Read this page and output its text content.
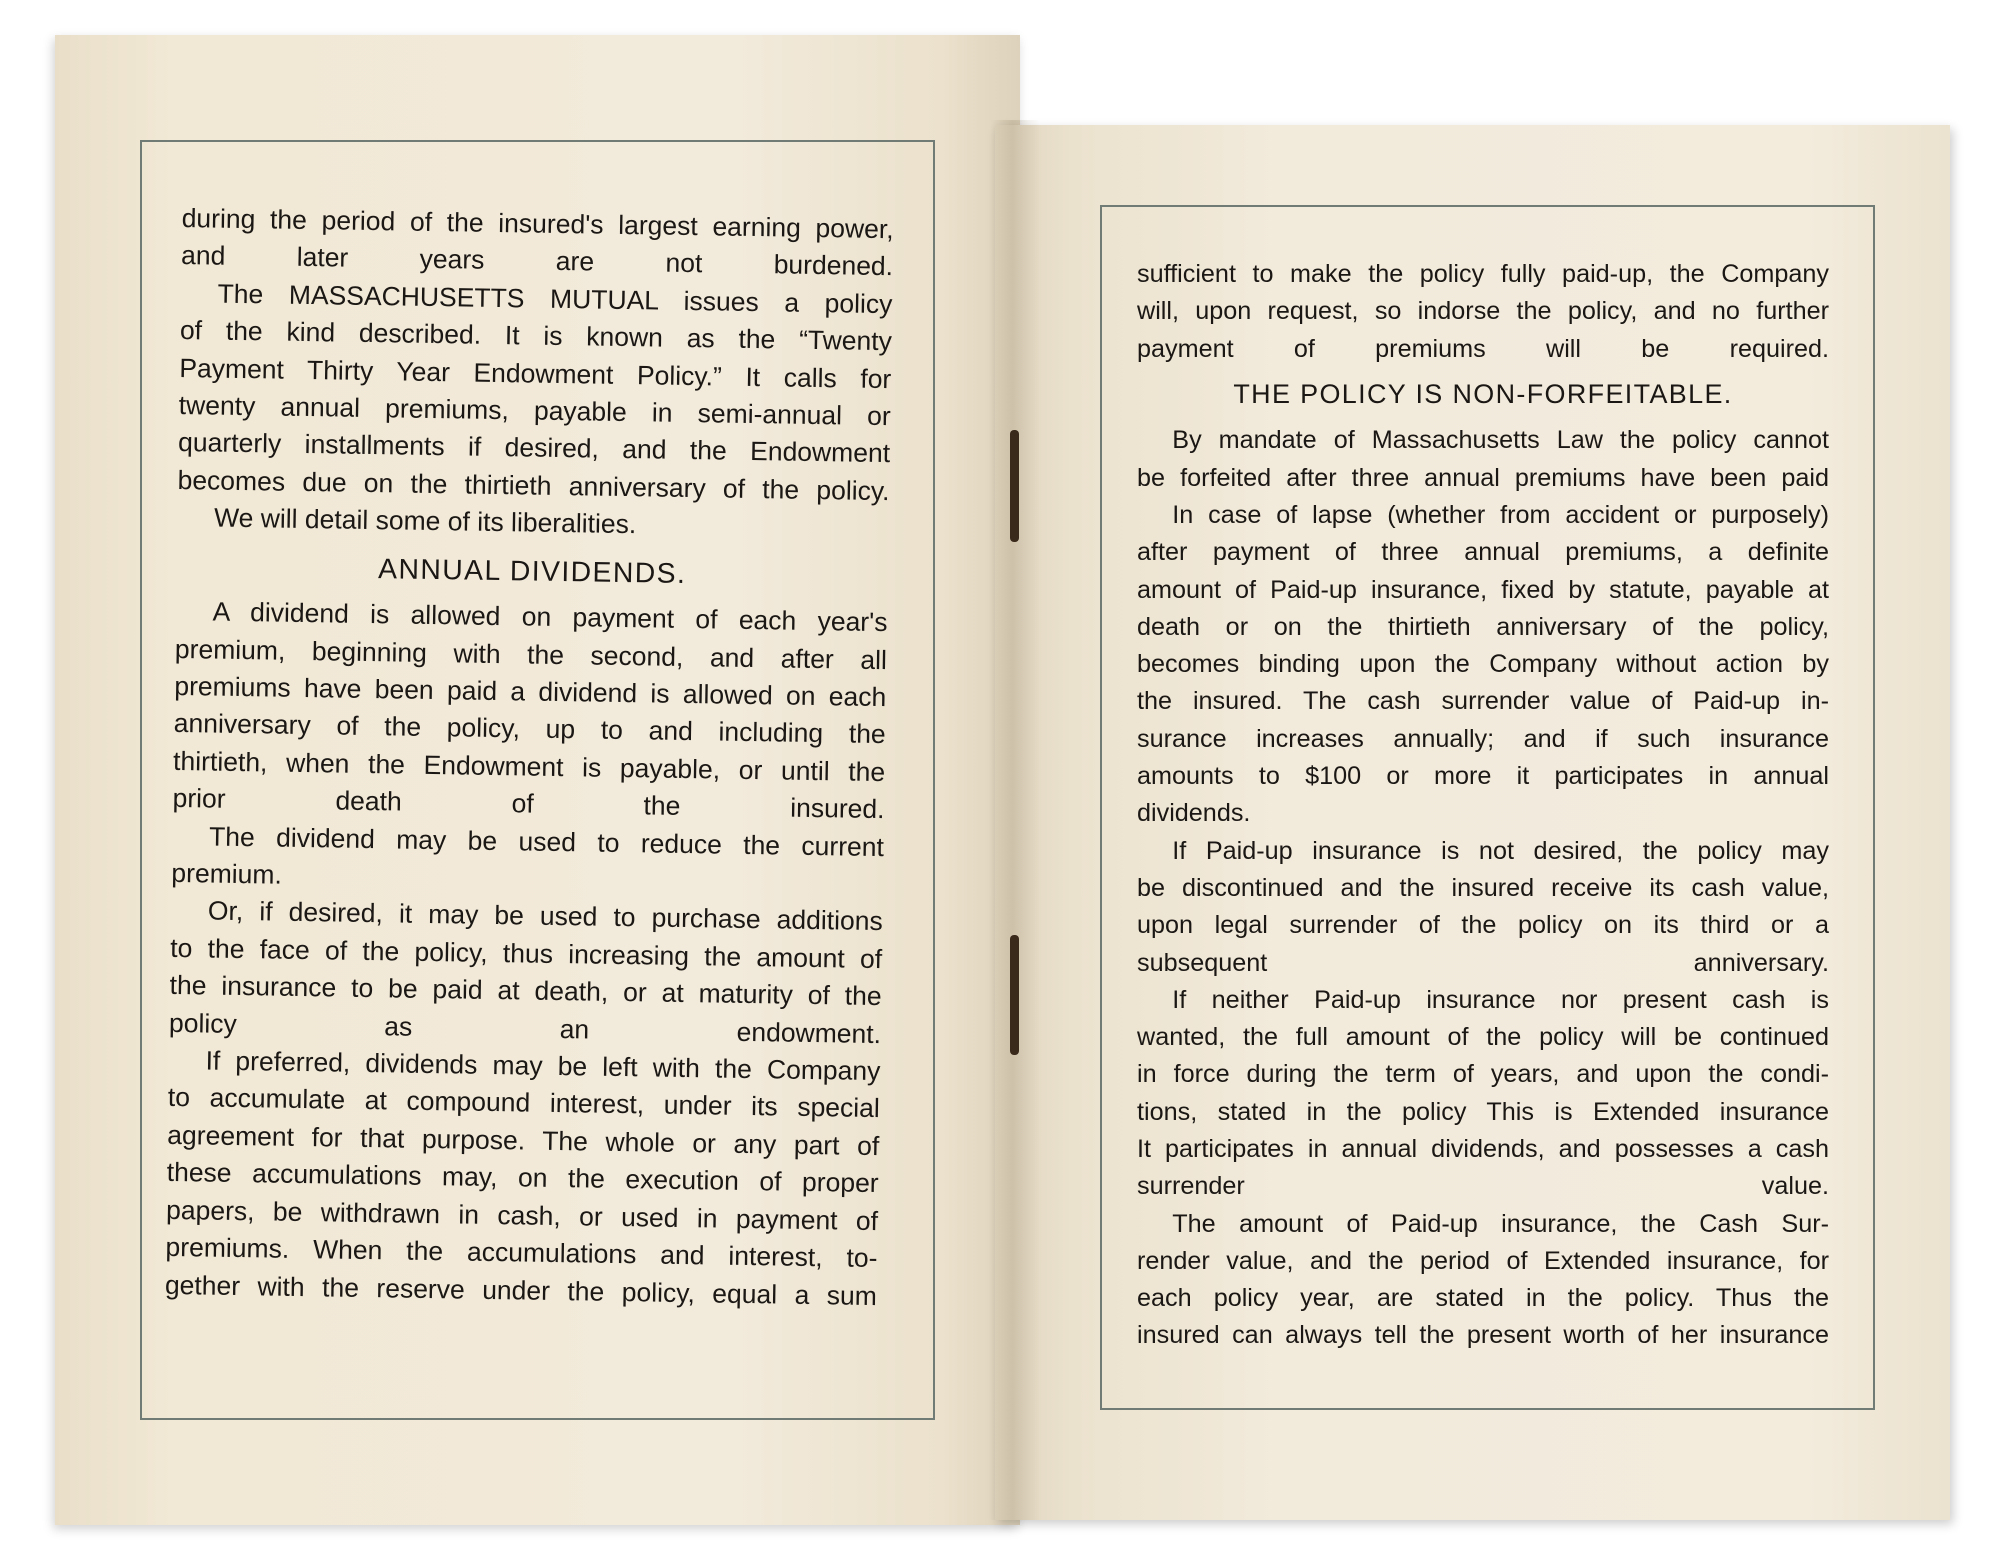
during the period of the insured's largest earning power,
and later years are not burdened.

The MASSACHUSETTS MUTUAL issues a policy
of the kind described. It is known as the “Twenty
Payment Thirty Year Endowment Policy.” It calls for
twenty annual premiums, payable in semi-annual or
quarterly installments if desired, and the Endowment
becomes due on the thirtieth anniversary of the policy.

We will detail some of its liberalities.

ANNUAL DIVIDENDS.

A dividend is allowed on payment of each year's
premium, beginning with the second, and after all
premiums have been paid a dividend is allowed on each
anniversary of the policy, up to and including the
thirtieth, when the Endowment is payable, or until the
prior death of the insured.

The dividend may be used to reduce the current
premium.

Or, if desired, it may be used to purchase additions
to the face of the policy, thus increasing the amount of
the insurance to be paid at death, or at maturity of the
policy as an endowment.

If preferred, dividends may be left with the Company
to accumulate at compound interest, under its special
agreement for that purpose. The whole or any part of
these accumulations may, on the execution of proper
papers, be withdrawn in cash, or used in payment of
premiums. When the accumulations and interest, to-
gether with the reserve under the policy, equal a sum

sufficient to make the policy fully paid-up, the Company
will, upon request, so indorse the policy, and no further
payment of premiums will be required.

THE POLICY IS NON-FORFEITABLE.

By mandate of Massachusetts Law the policy cannot
be forfeited after three annual premiums have been paid

In case of lapse (whether from accident or purposely)
after payment of three annual premiums, a definite
amount of Paid-up insurance, fixed by statute, payable at
death or on the thirtieth anniversary of the policy,
becomes binding upon the Company without action by
the insured. The cash surrender value of Paid-up in-
surance increases annually; and if such insurance
amounts to $100 or more it participates in annual
dividends.

If Paid-up insurance is not desired, the policy may
be discontinued and the insured receive its cash value,
upon legal surrender of the policy on its third or a
subsequent anniversary.

If neither Paid-up insurance nor present cash is
wanted, the full amount of the policy will be continued
in force during the term of years, and upon the condi-
tions, stated in the policy This is Extended insurance
It participates in annual dividends, and possesses a cash
surrender value.

The amount of Paid-up insurance, the Cash Sur-
render value, and the period of Extended insurance, for
each policy year, are stated in the policy. Thus the
insured can always tell the present worth of her insurance
